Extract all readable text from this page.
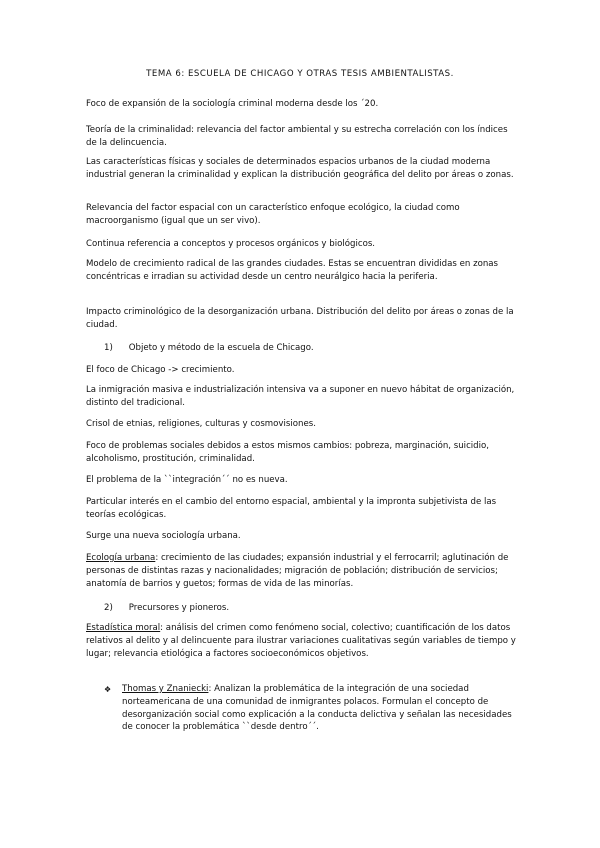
TEMA 6: ESCUELA DE CHICAGO Y OTRAS TESIS AMBIENTALISTAS.

Foco de expansión de la sociología criminal moderna desde los ´20.

Teoría de la criminalidad: relevancia del factor ambiental y su estrecha correlación con los índices de la delincuencia.

Las características físicas y sociales de determinados espacios urbanos de la ciudad moderna industrial generan la criminalidad y explican la distribución geográfica del delito por áreas o zonas.

Relevancia del factor espacial con un característico enfoque ecológico, la ciudad como macroorganismo (igual que un ser vivo).

Continua referencia a conceptos y procesos orgánicos y biológicos.

Modelo de crecimiento radical de las grandes ciudades. Estas se encuentran divididas en zonas concéntricas e irradian su actividad desde un centro neurálgico hacia la periferia.

Impacto criminológico de la desorganización urbana. Distribución del delito por áreas o zonas de la ciudad.

1) Objeto y método de la escuela de Chicago.

El foco de Chicago -> crecimiento.

La inmigración masiva e industrialización intensiva va a suponer en nuevo hábitat de organización, distinto del tradicional.

Crisol de etnias, religiones, culturas y cosmovisiones.

Foco de problemas sociales debidos a estos mismos cambios: pobreza, marginación, suicidio, alcoholismo, prostitución, criminalidad.

El problema de la ``integración´´ no es nueva.

Particular interés en el cambio del entorno espacial, ambiental y la impronta subjetivista de las teorías ecológicas.

Surge una nueva sociología urbana.

Ecología urbana: crecimiento de las ciudades; expansión industrial y el ferrocarril; aglutinación de personas de distintas razas y nacionalidades; migración de población; distribución de servicios; anatomía de barrios y guetos; formas de vida de las minorías.

2) Precursores y pioneros.

Estadística moral: análisis del crimen como fenómeno social, colectivo; cuantificación de los datos relativos al delito y al delincuente para ilustrar variaciones cualitativas según variables de tiempo y lugar; relevancia etiológica a factores socioeconómicos objetivos.

❖ Thomas y Znaniecki: Analizan la problemática de la integración de una sociedad norteamericana de una comunidad de inmigrantes polacos. Formulan el concepto de desorganización social como explicación a la conducta delictiva y señalan las necesidades de conocer la problemática ``desde dentro´´.
